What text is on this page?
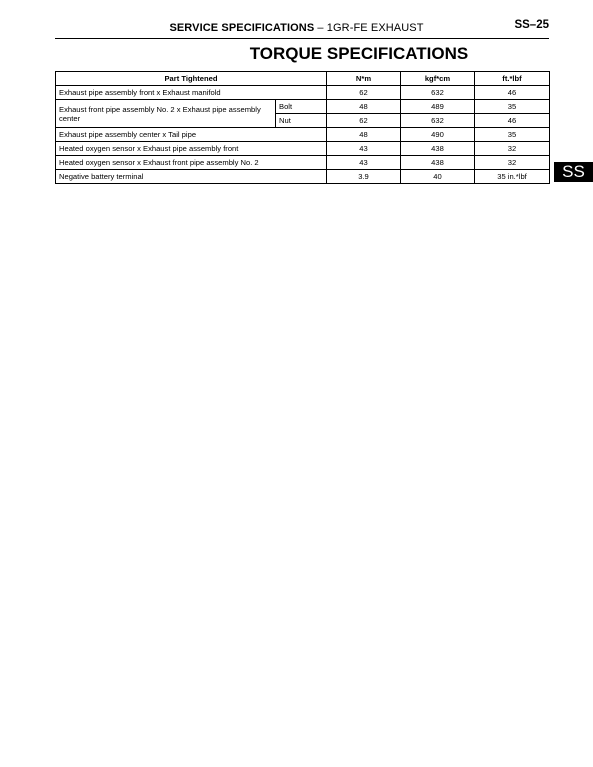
SERVICE SPECIFICATIONS – 1GR-FE EXHAUST	SS–25
TORQUE SPECIFICATIONS
Part Tightened		N*m	kgf*cm	ft.*lbf
Exhaust pipe assembly front x Exhaust manifold		62	632	46
Exhaust front pipe assembly No. 2 x Exhaust pipe assembly center	Bolt	48	489	35
	Nut	62	632	46
Exhaust pipe assembly center x Tail pipe		48	490	35
Heated oxygen sensor x Exhaust pipe assembly front		43	438	32
Heated oxygen sensor x Exhaust front pipe assembly No. 2		43	438	32
Negative battery terminal		3.9	40	35 in.*lbf	SS
